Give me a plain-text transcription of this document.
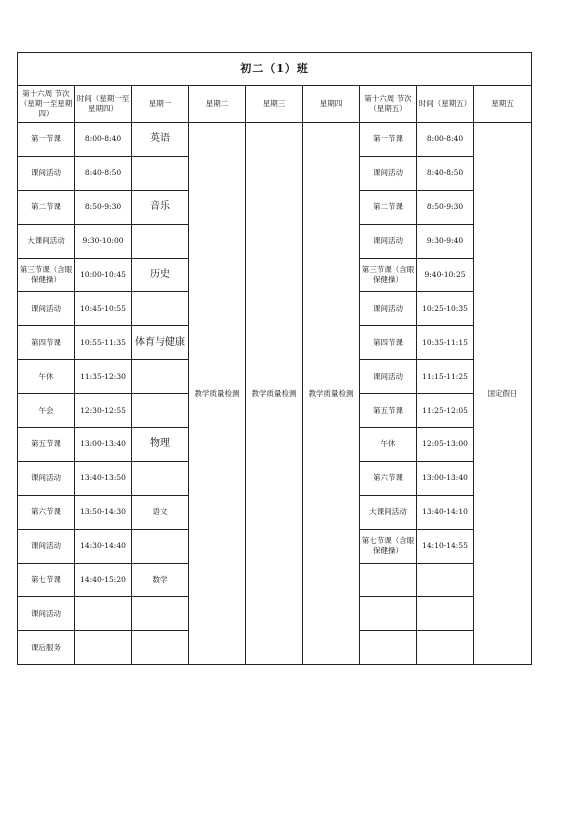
初二（1）班								
第十六周 节次（星期一至星期四）	时间（星期一至星期四）	星期一	星期二	星期三	星期四	第十六周 节次（星期五）	时间（星期五）	星期五
第一节课	8:00-8:40	英语	教学质量检测	教学质量检测	教学质量检测	第一节课	8:00-8:40	国定假日
课间活动	8:40-8:50					课间活动	8:40-8:50	
第二节课	8:50-9:30	音乐				第二节课	8:50-9:30	
大课间活动	9:30-10:00					课间活动	9:30-9:40	
第三节课（含眼保健操）	10:00-10:45	历史				第三节课（含眼保健操）	9:40-10:25	
课间活动	10:45-10:55					课间活动	10:25-10:35	
第四节课	10:55-11:35	体育与健康				第四节课	10:35-11:15	
午休	11:35-12:30					课间活动	11:15-11:25	
午会	12:30-12:55					第五节课	11:25-12:05	
第五节课	13:00-13:40	物理				午休	12:05-13:00	
课间活动	13:40-13:50					第六节课	13:00-13:40	
第六节课	13:50-14:30	语文				大课间活动	13:40-14:10	
课间活动	14:30-14:40					第七节课（含眼保健操）	14:10-14:55	
第七节课	14:40-15:20	数学						
课间活动								
课后服务								
